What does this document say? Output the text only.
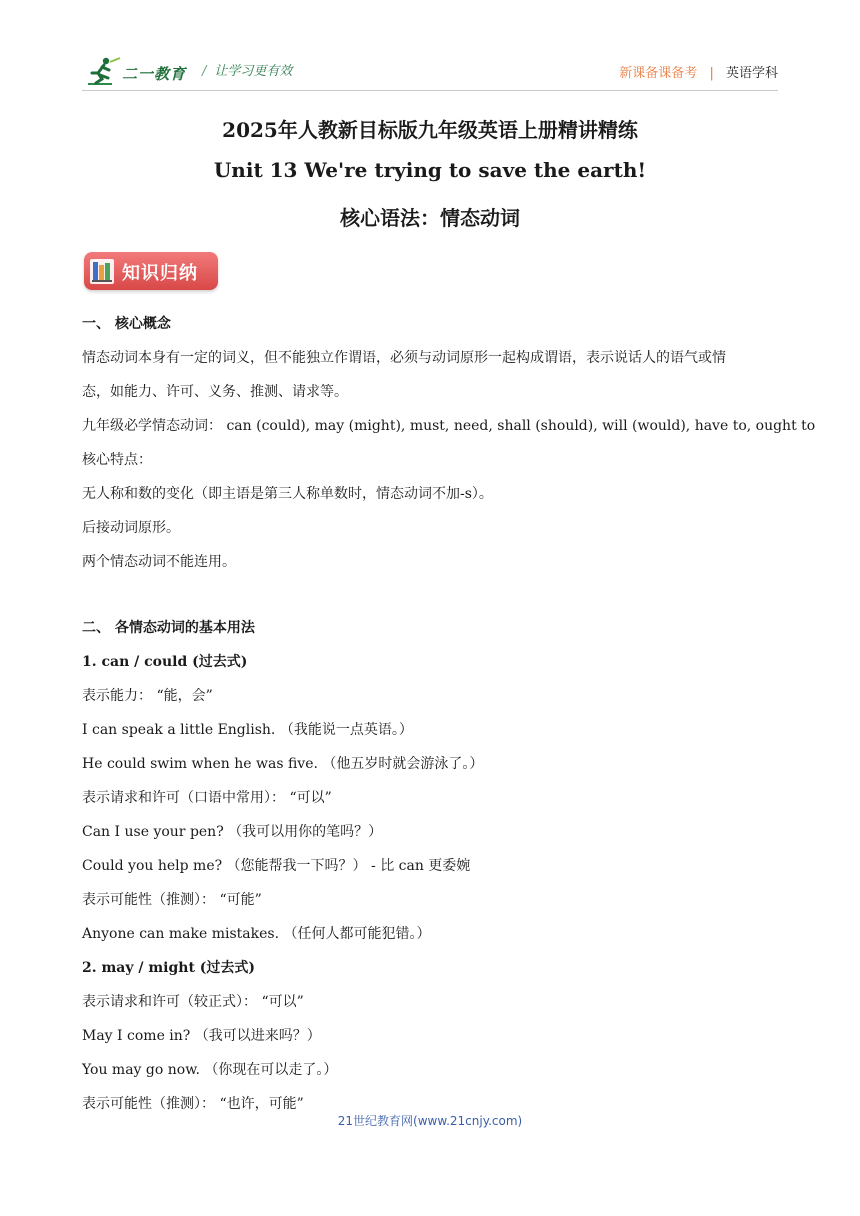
二一教育 / 让学习更有效	新课备课备考 | 英语学科
2025年人教新目标版九年级英语上册精讲精练
Unit 13 We're trying to save the earth!
核心语法：情态动词
知识归纳
一、 核心概念
情态动词本身有一定的词义，但不能独立作谓语，必须与动词原形一起构成谓语，表示说话人的语气或情
态，如能力、许可、义务、推测、请求等。
九年级必学情态动词： can (could), may (might), must, need, shall (should), will (would), have to, ought to
核心特点：
无人称和数的变化（即主语是第三人称单数时，情态动词不加-s）。
后接动词原形。
两个情态动词不能连用。
二、 各情态动词的基本用法
1. can / could (过去式)
表示能力： “能，会”
I can speak a little English. （我能说一点英语。）
He could swim when he was five. （他五岁时就会游泳了。）
表示请求和许可（口语中常用）： “可以”
Can I use your pen? （我可以用你的笔吗？）
Could you help me? （您能帮我一下吗？） - 比 can 更委婉
表示可能性（推测）： “可能”
Anyone can make mistakes. （任何人都可能犯错。）
2. may / might (过去式)
表示请求和许可（较正式）： “可以”
May I come in? （我可以进来吗？）
You may go now. （你现在可以走了。）
表示可能性（推测）： “也许，可能”
21世纪教育网(www.21cnjy.com)
